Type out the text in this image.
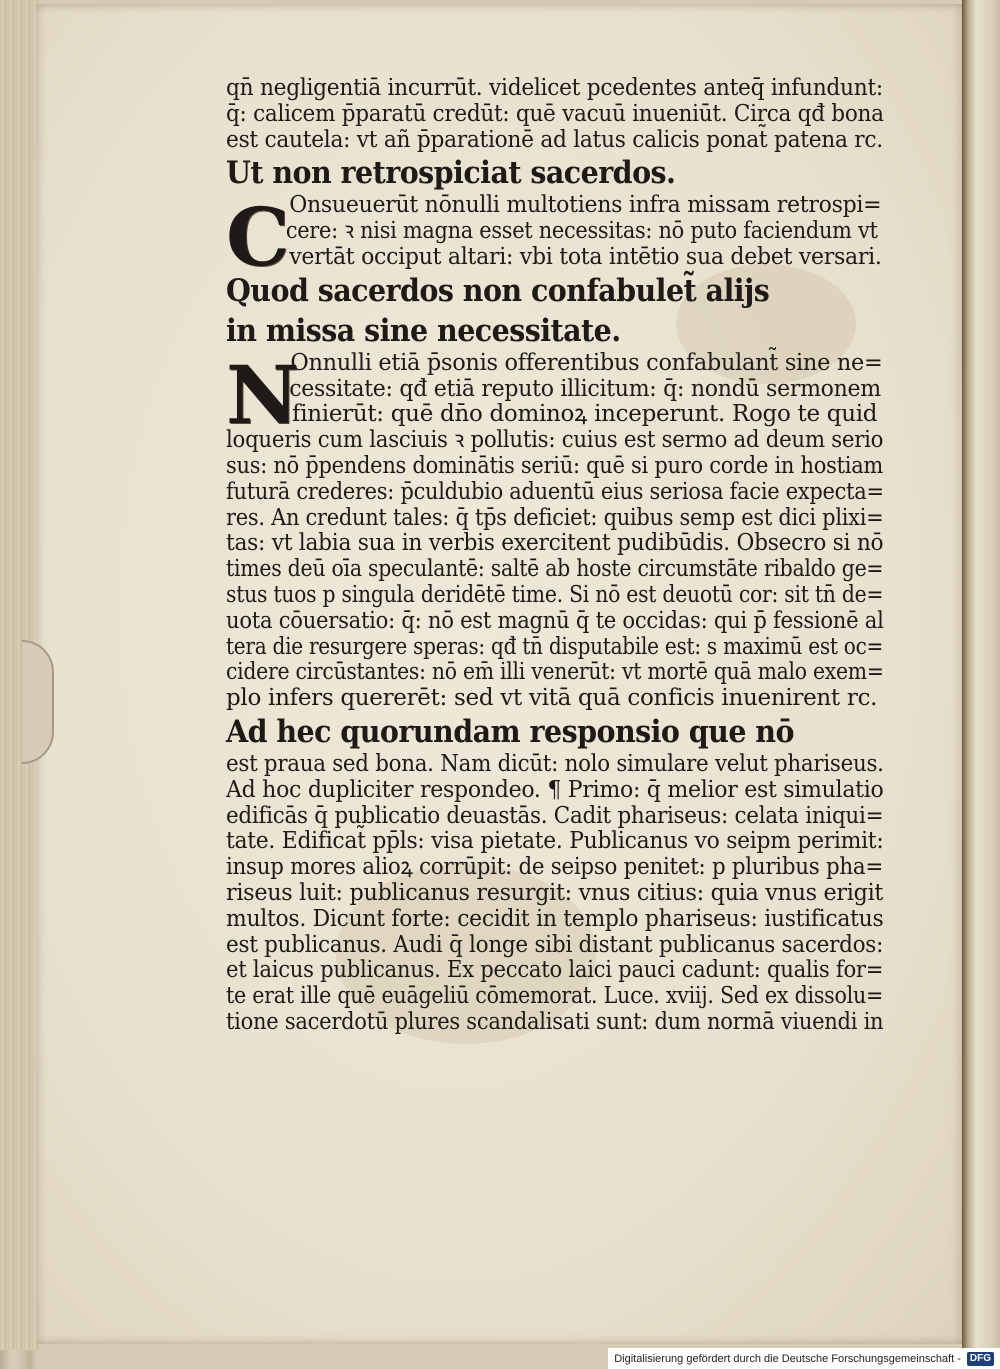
qn̄ negligentiā incurrūt. videlicet pcedentes anteq̄ infundunt:
q̄: calicem p̄paratū credūt: quē vacuū inueniūt. Circa qđ bona
est cautela: vt añ p̄parationē ad latus calicis ponat̃ patena rc.
Ut non retrospiciat sacerdos.
C Onsueuerūt nōnulli multotiens infra missam retrospi=
cere: ꝛ nisi magna esset necessitas: nō puto faciendum vt
vertāt occiput altari: vbi tota intētio sua debet versari.
Quod sacerdos non confabulet̃ alijs
in missa sine necessitate.
N
Onnulli etiā p̄sonis offerentibus confabulant̃ sine ne=
cessitate: qđ etiā reputo illicitum: q̄: nondū sermonem
finierūt: quē dn̄o dominoꝝ inceperunt. Rogo te quid
loqueris cum lasciuis ꝛ pollutis: cuius est sermo ad deum serio
sus: nō p̄pendens dominātis seriū: quē si puro corde in hostiam
futurā crederes: p̄culdubio aduentū eius seriosa facie expecta=
res. An credunt tales: q̄ tp̄s deficiet: quibus semp est dici plixi=
tas: vt labia sua in verbis exercitent pudibūdis. Obsecro si nō
times deū oīa speculantē: saltē ab hoste circumstāte ribaldo ge=
stus tuos p singula deridētē time. Si nō est deuotū cor: sit tn̄ de=
uota cōuersatio: q̄: nō est magnū q̄ te occidas: qui p̄ fessionē al
tera die resurgere speras: qđ tn̄ disputabile est: s maximū est oc=
cidere circūstantes: nō em̄ illi venerūt: vt mortē quā malo exem=
plo infers quererēt: sed vt vitā quā conficis inuenirent rc.
Ad hec quorundam responsio que nō
est praua sed bona. Nam dicūt: nolo simulare velut phariseus.
Ad hoc dupliciter respondeo. ¶ Primo: q̄ melior est simulatio
edificās q̄ publicatio deuastās. Cadit phariseus: celata iniqui=
tate. Edificat̃ pp̄ls: visa pietate. Publicanus vo seipm perimit:
insup mores alioꝝ corrūpit: de seipso penitet: p pluribus pha=
riseus luit: publicanus resurgit: vnus citius: quia vnus erigit
multos. Dicunt forte: cecidit in templo phariseus: iustificatus
est publicanus. Audi q̄ longe sibi distant publicanus sacerdos:
et laicus publicanus. Ex peccato laici pauci cadunt: qualis for=
te erat ille quē euāgeliū cōmemorat. Luce. xviij. Sed ex dissolu=
tione sacerdotū plures scandalisati sunt: dum normā viuendi in
Digitalisierung gefördert durch die Deutsche Forschungsgemeinschaft - DFG
